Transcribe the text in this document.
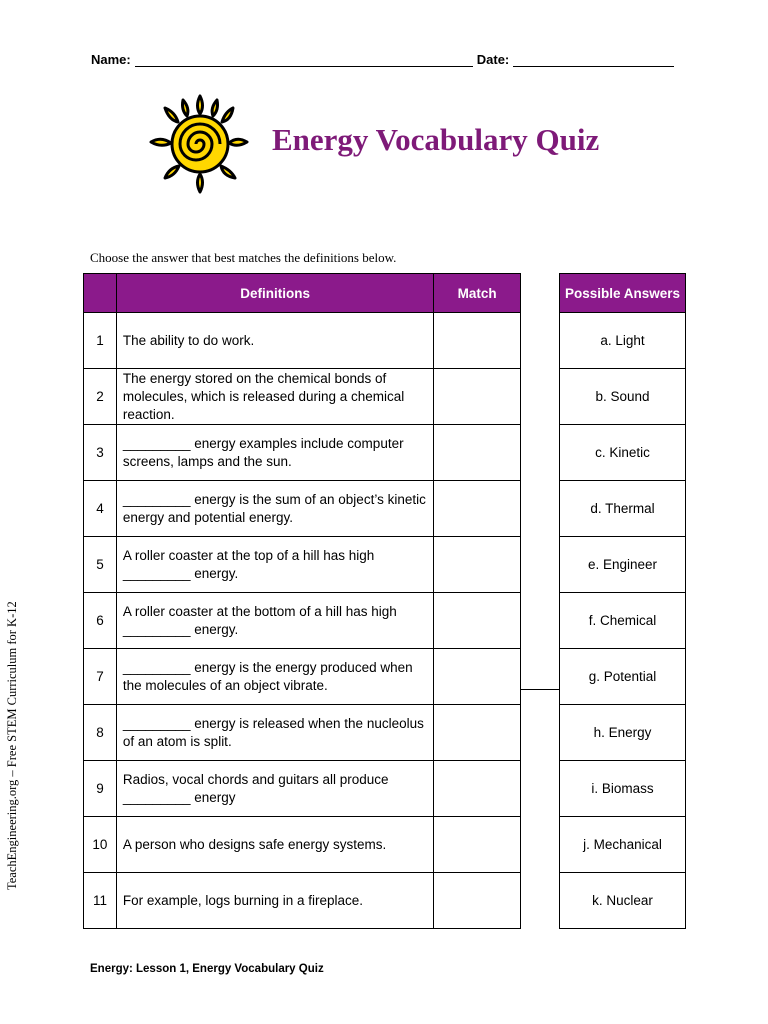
Name:	Date:
Energy Vocabulary Quiz
Choose the answer that best matches the definitions below.
	Definitions	Match
1	The ability to do work.	
2	The energy stored on the chemical bonds of molecules, which is released during a chemical reaction.	
3	_________ energy examples include computer screens, lamps and the sun.	
4	_________ energy is the sum of an object’s kinetic energy and potential energy.	
5	A roller coaster at the top of a hill has high _________ energy.	
6	A roller coaster at the bottom of a hill has high _________ energy.	
7	_________ energy is the energy produced when the molecules of an object vibrate.	
8	_________ energy is released when the nucleolus of an atom is split.	
9	Radios, vocal chords and guitars all produce _________ energy	
10	A person who designs safe energy systems.	
11	For example, logs burning in a fireplace.	
Possible Answers
a. Light
b. Sound
c. Kinetic
d. Thermal
e. Engineer
f. Chemical
g. Potential
h. Energy
i. Biomass
j. Mechanical
k. Nuclear
TeachEngineering.org – Free STEM Curriculum for K-12
Energy: Lesson 1, Energy Vocabulary Quiz
